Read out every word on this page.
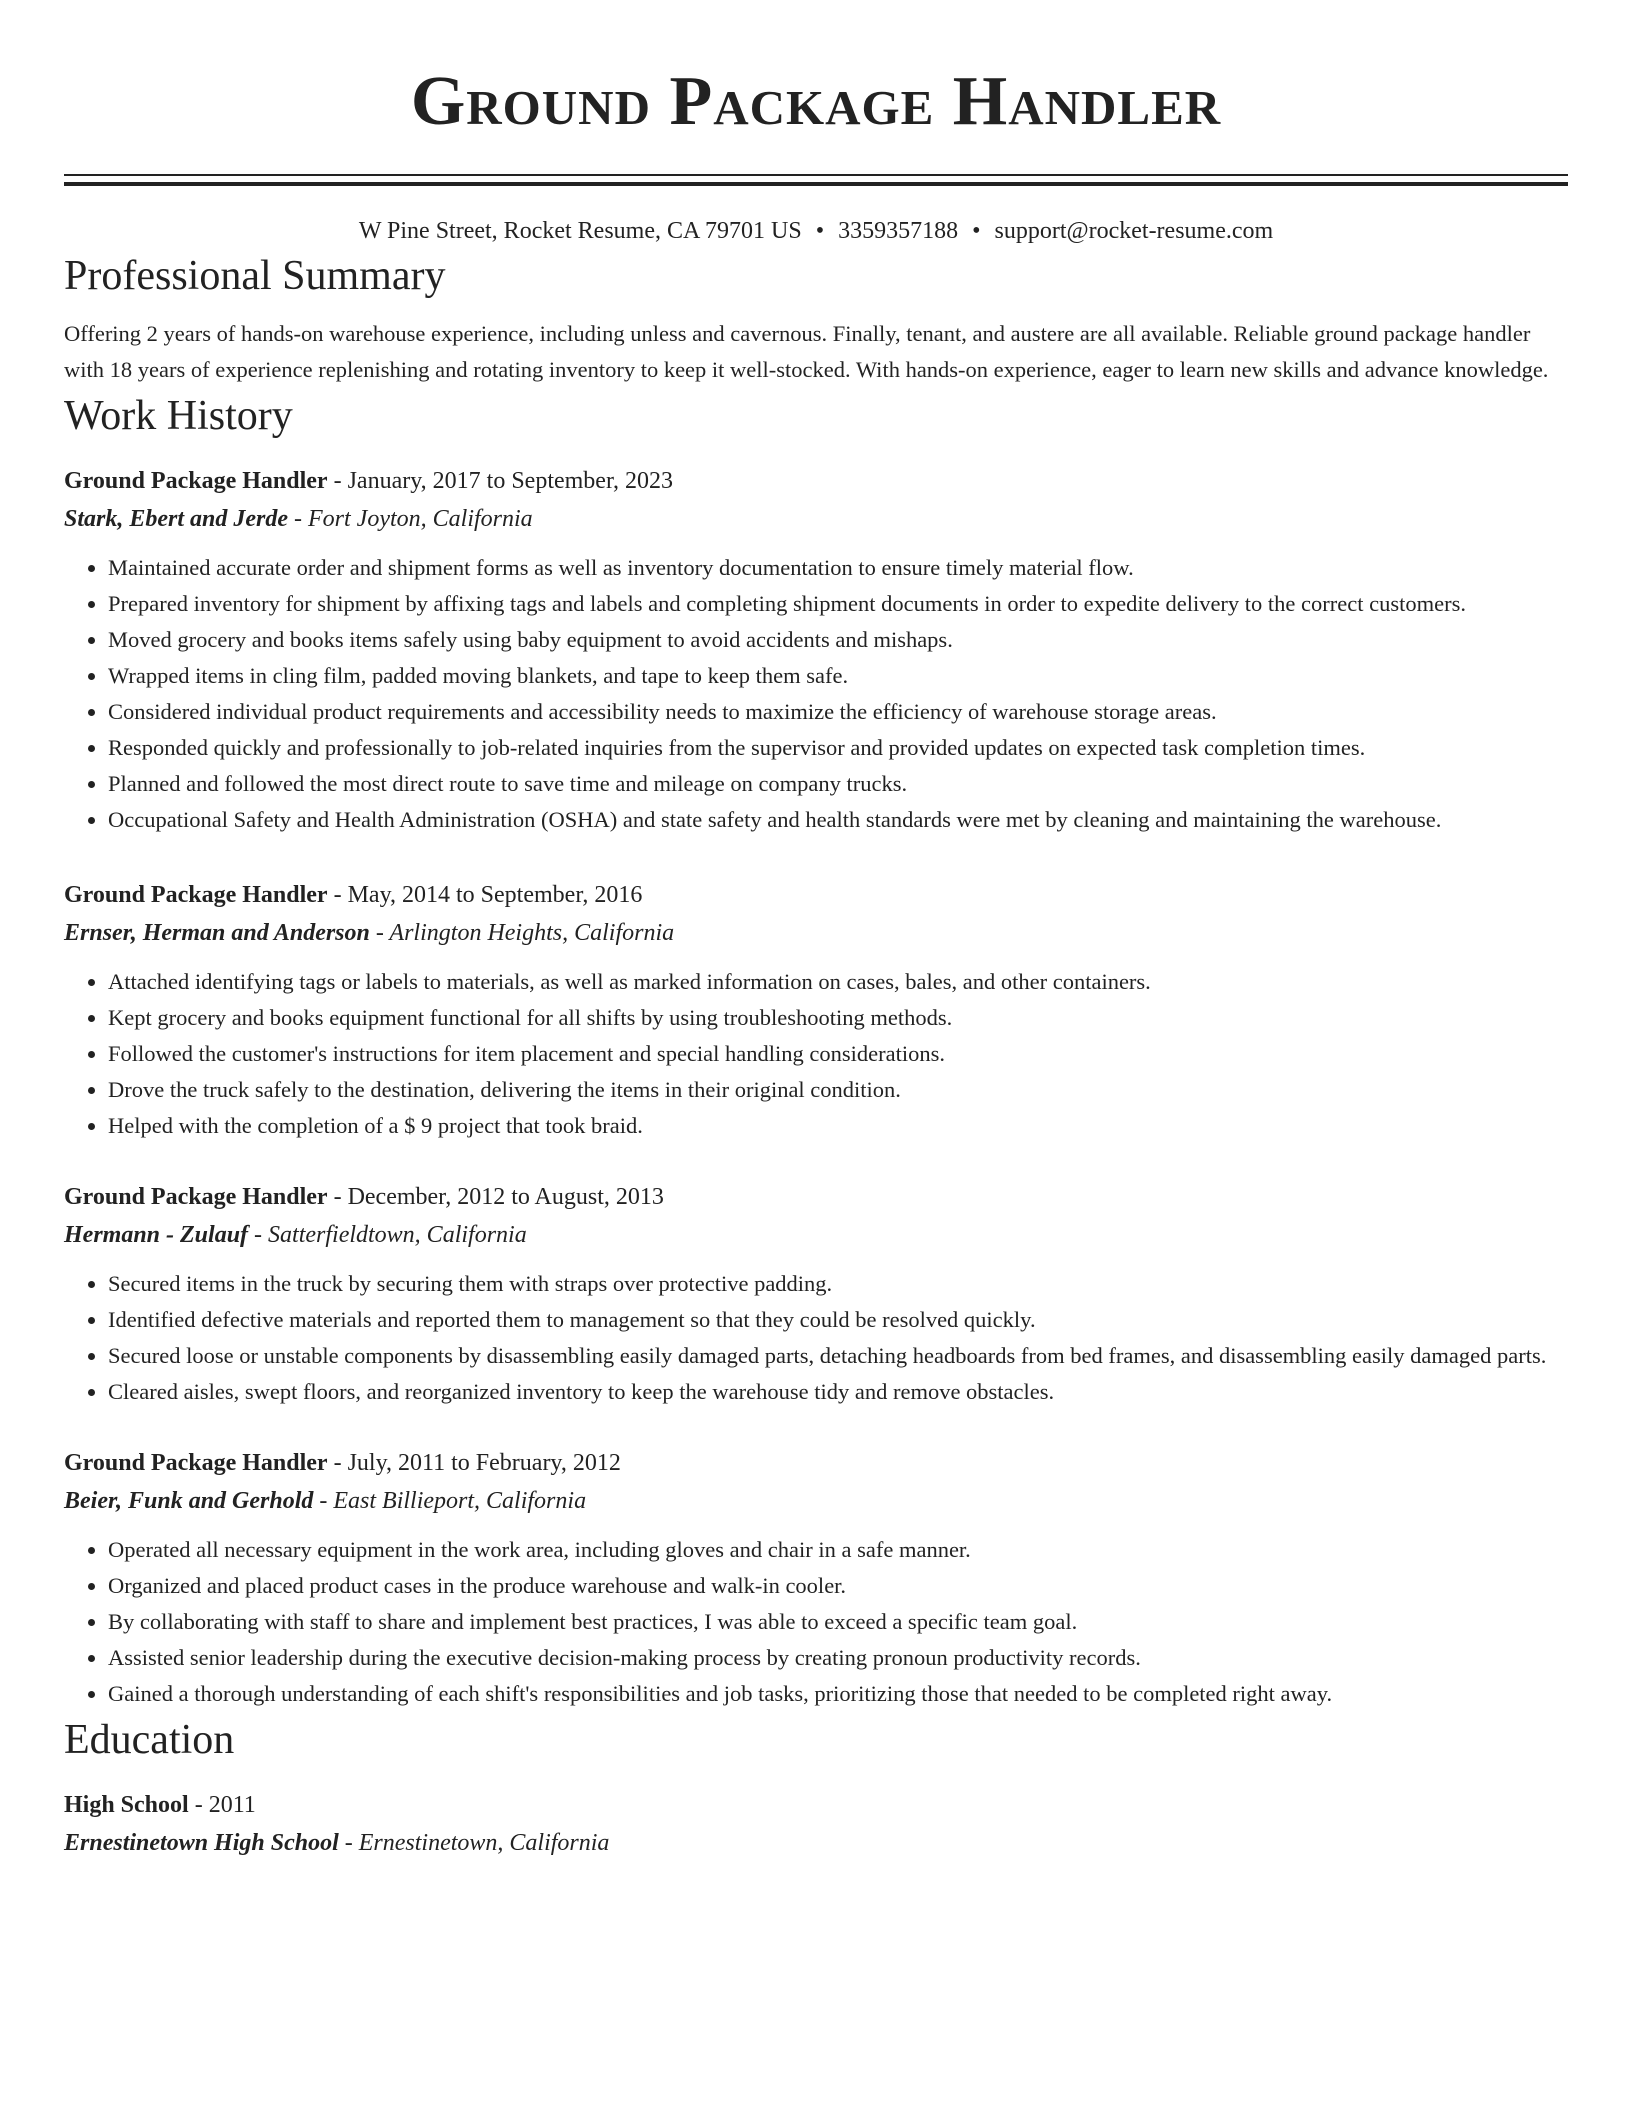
Ground Package Handler
W Pine Street, Rocket Resume, CA 79701 US • 3359357188 • support@rocket-resume.com
Professional Summary
Offering 2 years of hands-on warehouse experience, including unless and cavernous. Finally, tenant, and austere are all available. Reliable ground package handler with 18 years of experience replenishing and rotating inventory to keep it well-stocked. With hands-on experience, eager to learn new skills and advance knowledge.
Work History
Ground Package Handler - January, 2017 to September, 2023
Stark, Ebert and Jerde - Fort Joyton, California
• Maintained accurate order and shipment forms as well as inventory documentation to ensure timely material flow.
• Prepared inventory for shipment by affixing tags and labels and completing shipment documents in order to expedite delivery to the correct customers.
• Moved grocery and books items safely using baby equipment to avoid accidents and mishaps.
• Wrapped items in cling film, padded moving blankets, and tape to keep them safe.
• Considered individual product requirements and accessibility needs to maximize the efficiency of warehouse storage areas.
• Responded quickly and professionally to job-related inquiries from the supervisor and provided updates on expected task completion times.
• Planned and followed the most direct route to save time and mileage on company trucks.
• Occupational Safety and Health Administration (OSHA) and state safety and health standards were met by cleaning and maintaining the warehouse.
Ground Package Handler - May, 2014 to September, 2016
Ernser, Herman and Anderson - Arlington Heights, California
• Attached identifying tags or labels to materials, as well as marked information on cases, bales, and other containers.
• Kept grocery and books equipment functional for all shifts by using troubleshooting methods.
• Followed the customer's instructions for item placement and special handling considerations.
• Drove the truck safely to the destination, delivering the items in their original condition.
• Helped with the completion of a $ 9 project that took braid.
Ground Package Handler - December, 2012 to August, 2013
Hermann - Zulauf - Satterfieldtown, California
• Secured items in the truck by securing them with straps over protective padding.
• Identified defective materials and reported them to management so that they could be resolved quickly.
• Secured loose or unstable components by disassembling easily damaged parts, detaching headboards from bed frames, and disassembling easily damaged parts.
• Cleared aisles, swept floors, and reorganized inventory to keep the warehouse tidy and remove obstacles.
Ground Package Handler - July, 2011 to February, 2012
Beier, Funk and Gerhold - East Billieport, California
• Operated all necessary equipment in the work area, including gloves and chair in a safe manner.
• Organized and placed product cases in the produce warehouse and walk-in cooler.
• By collaborating with staff to share and implement best practices, I was able to exceed a specific team goal.
• Assisted senior leadership during the executive decision-making process by creating pronoun productivity records.
• Gained a thorough understanding of each shift's responsibilities and job tasks, prioritizing those that needed to be completed right away.
Education
High School - 2011
Ernestinetown High School - Ernestinetown, California
